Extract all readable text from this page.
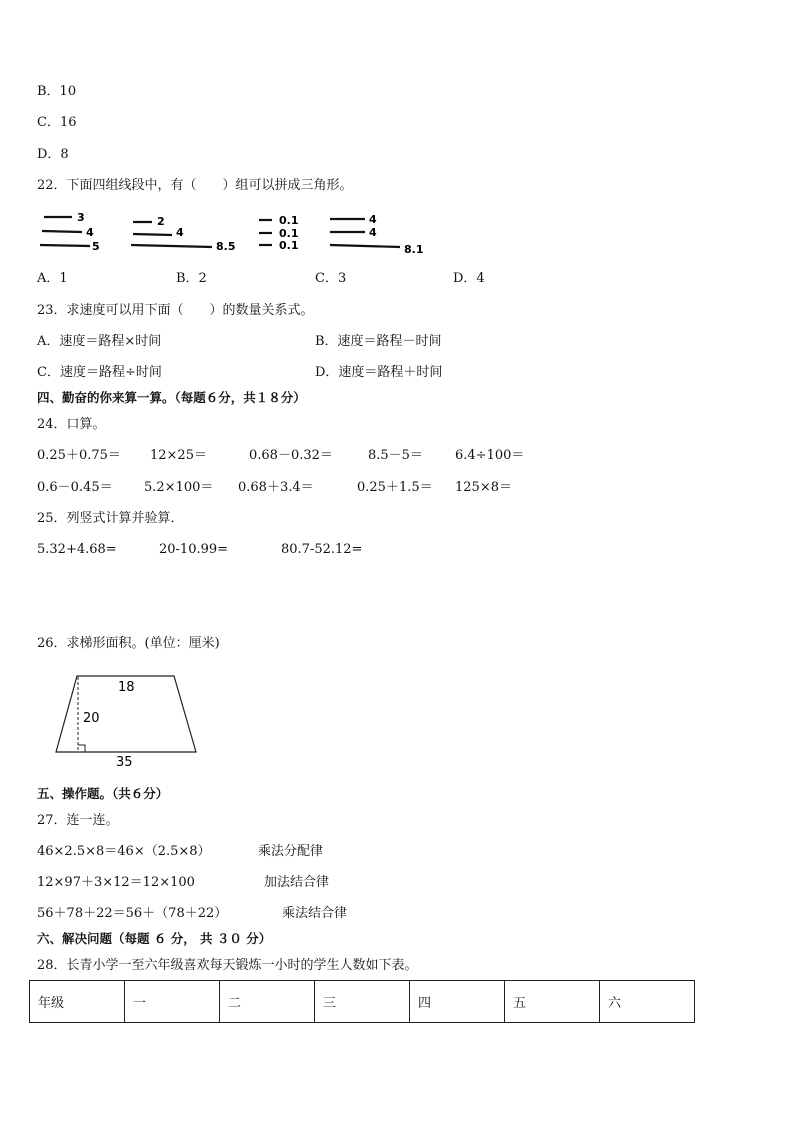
B．10
C．16
D．8
22．下面四组线段中，有（　　）组可以拼成三角形。
3
4
5
2
4
8.5
0.1
0.1
0.1
4
4
8.1
A．1	B．2	C．3	D．4
23．求速度可以用下面（　　）的数量关系式。
A．速度＝路程×时间	B．速度＝路程－时间
C．速度＝路程÷时间	D．速度＝路程＋时间
四、勤奋的你来算一算。（每题６分，共１８分）
24．口算。
0.25＋0.75＝ 12×25＝	0.68－0.32＝	8.5－5＝ 6.4÷100＝
0.6－0.45＝ 5.2×100＝ 0.68＋3.4＝	0.25＋1.5＝ 125×8＝
25．列竖式计算并验算．
5.32+4.68=	20-10.99=	80.7-52.12=
26．求梯形面积。(单位：厘米)
18
20
35
五、操作题。（共６分）
27．连一连。
46×2.5×8＝46×（2.5×8）	乘法分配律
12×97＋3×12＝12×100	加法结合律
56＋78＋22＝56＋（78＋22）	乘法结合律
六、解决问题（每题 ６ 分， 共 ３０ 分）
28．长青小学一至六年级喜欢每天锻炼一小时的学生人数如下表。
年级	一	二	三	四	五	六
